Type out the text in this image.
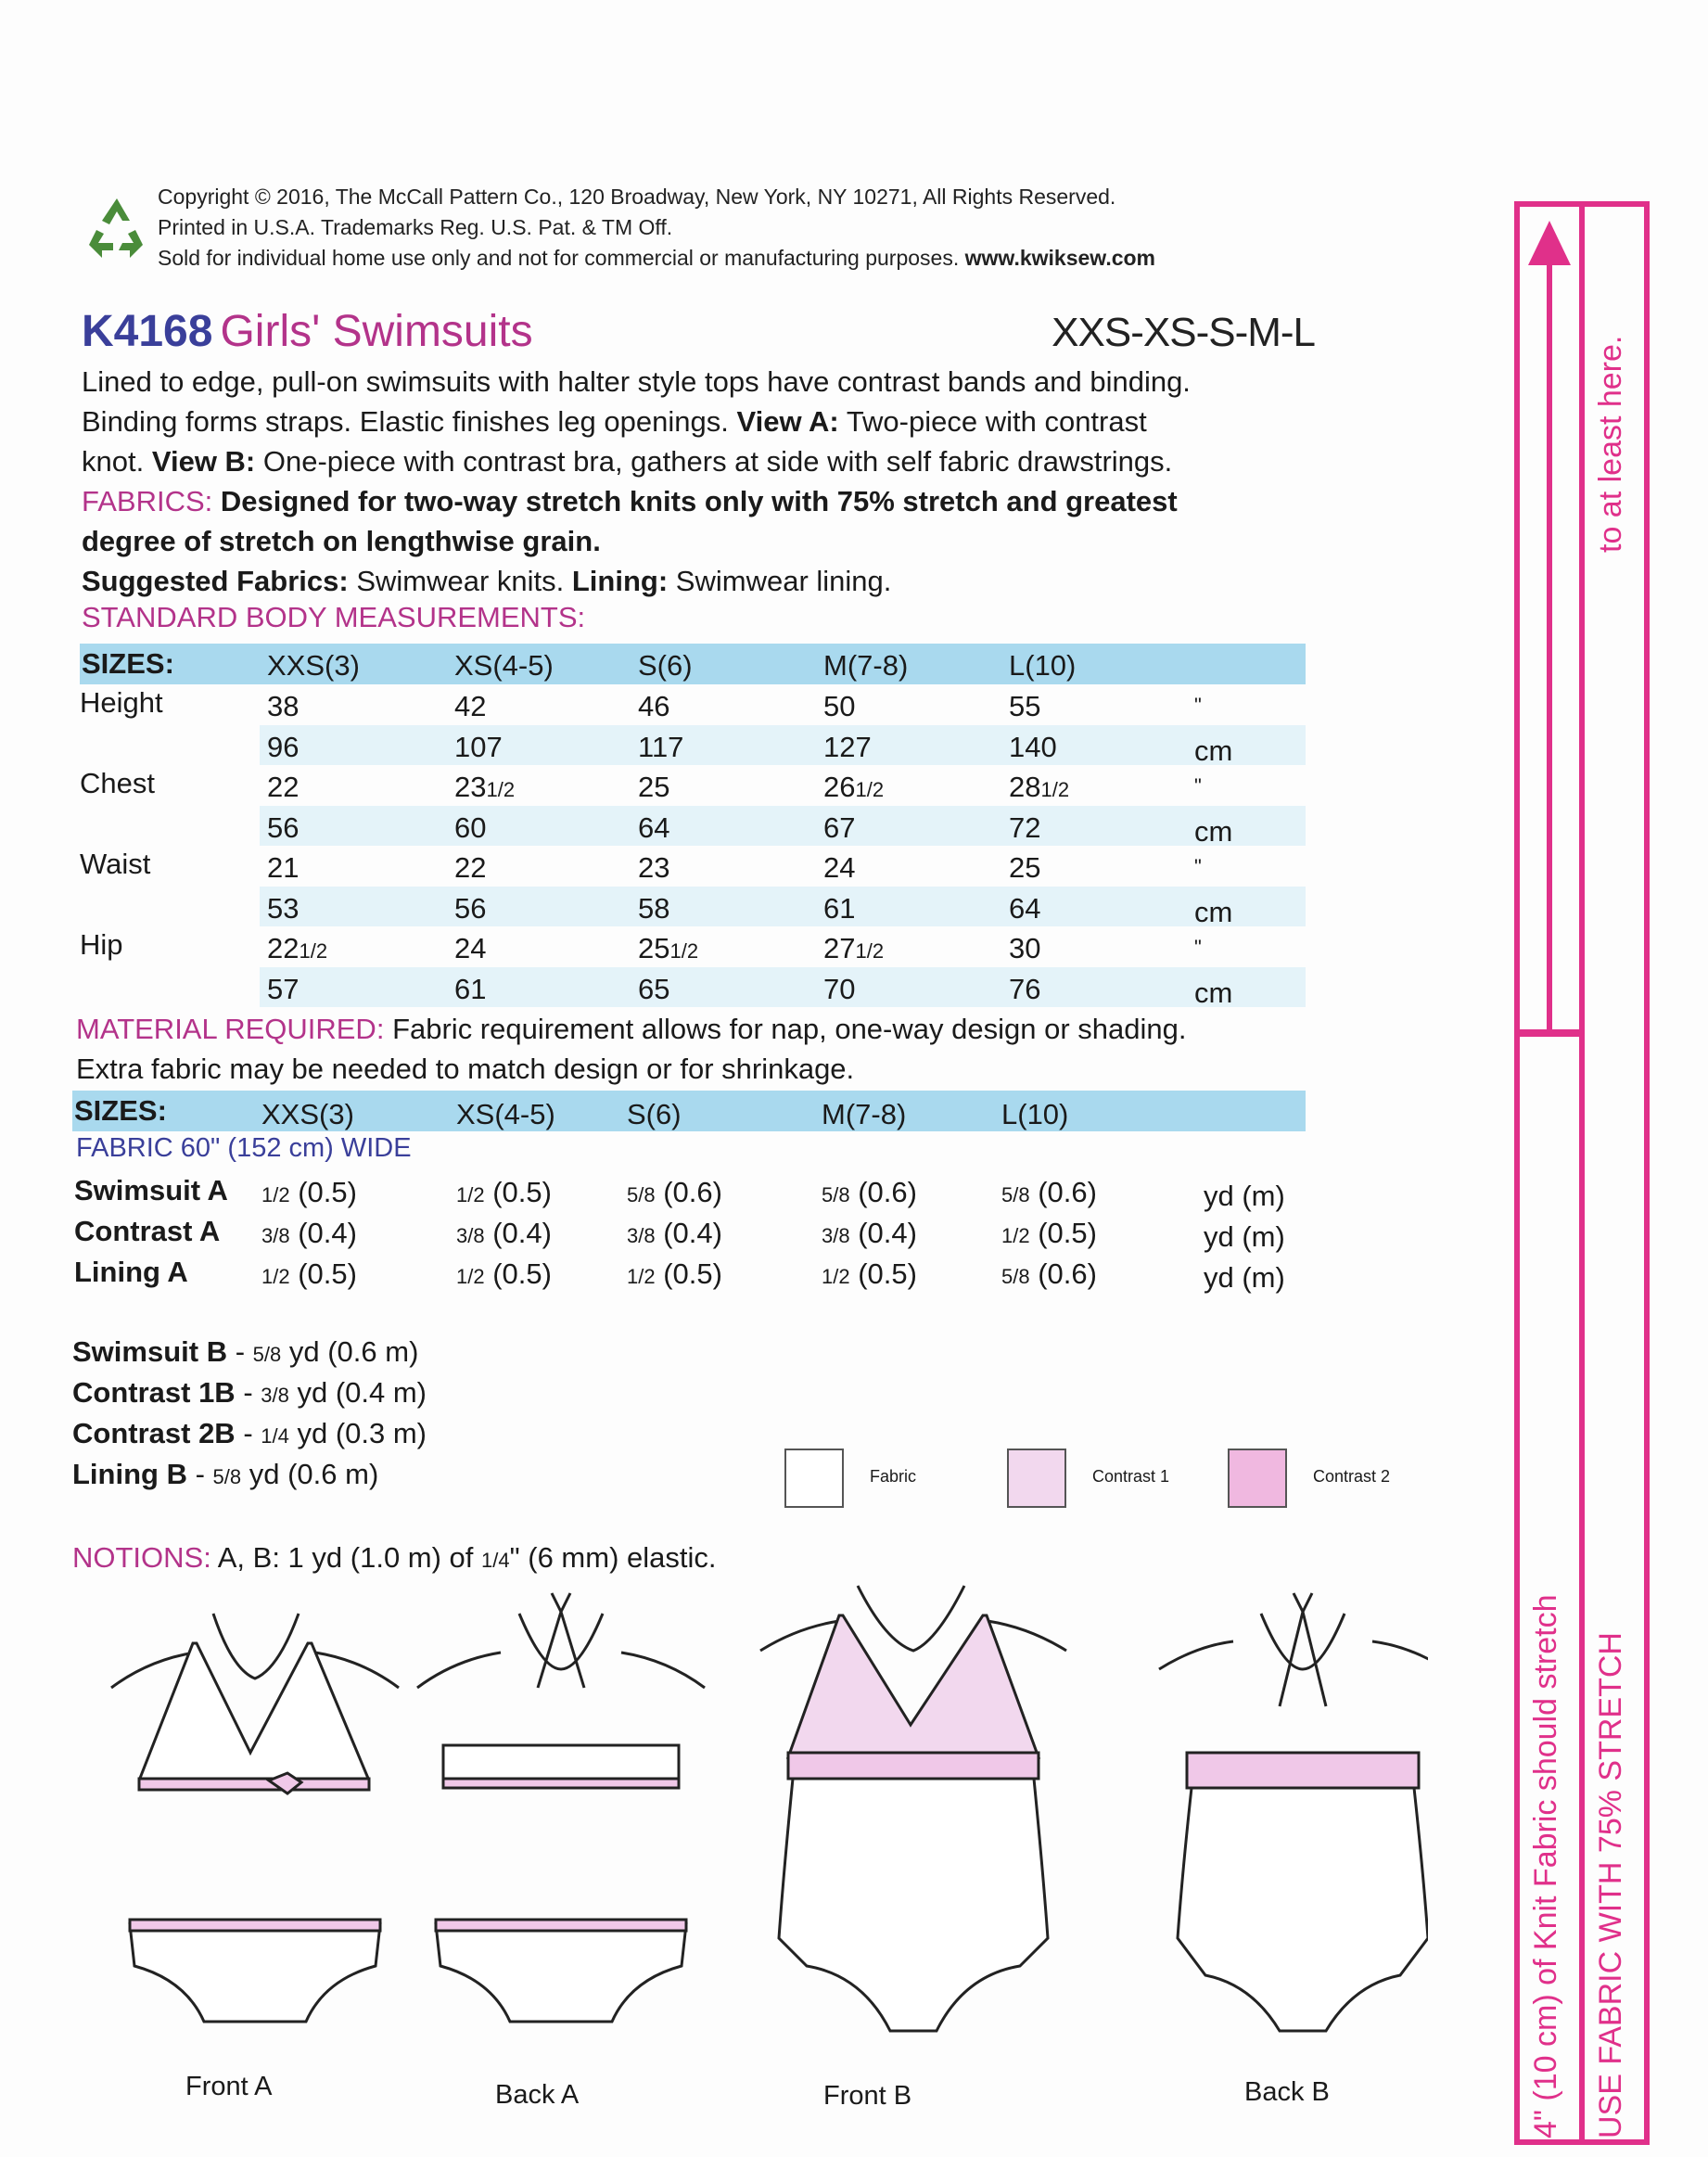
Copyright © 2016, The McCall Pattern Co., 120 Broadway, New York, NY 10271, All Rights Reserved.
Printed in U.S.A. Trademarks Reg. U.S. Pat. & TM Off.
Sold for individual home use only and not for commercial or manufacturing purposes. www.kwiksew.com
K4168 Girls' Swimsuits	XXS-XS-S-M-L
Lined to edge, pull-on swimsuits with halter style tops have contrast bands and binding.
Binding forms straps. Elastic finishes leg openings. View A: Two-piece with contrast
knot. View B: One-piece with contrast bra, gathers at side with self fabric drawstrings.
FABRICS: Designed for two-way stretch knits only with 75% stretch and greatest
degree of stretch on lengthwise grain.
Suggested Fabrics: Swimwear knits. Lining: Swimwear lining.
STANDARD BODY MEASUREMENTS:
SIZES:	XXS(3)	XS(4-5)	S(6)	M(7-8)	L(10)
Height	38	42	46	50	55	"
96	107	117	127	140	cm
Chest	22	231/2	25	261/2	281/2	"
56	60	64	67	72	cm
Waist	21	22	23	24	25	"
53	56	58	61	64	cm
Hip	221/2	24	251/2	271/2	30	"
57	61	65	70	76	cm
MATERIAL REQUIRED: Fabric requirement allows for nap, one-way design or shading.
Extra fabric may be needed to match design or for shrinkage.
SIZES:	XXS(3)	XS(4-5) S(6)	M(7-8)	L(10)
FABRIC 60" (152 cm) WIDE
Swimsuit A 1/2 (0.5)	1/2 (0.5)	5/8 (0.6)	5/8 (0.6)	5/8 (0.6)	yd (m)
Contrast A 3/8 (0.4)	3/8 (0.4)	3/8 (0.4)	3/8 (0.4)	1/2 (0.5)	yd (m)
Lining A	1/2 (0.5)	1/2 (0.5)	1/2 (0.5)	1/2 (0.5)	5/8 (0.6)	yd (m)
Swimsuit B - 5/8 yd (0.6 m)
Contrast 1B - 3/8 yd (0.4 m)
Contrast 2B - 1/4 yd (0.3 m)
Lining B - 5/8 yd (0.6 m)	Fabric	Contrast 1	Contrast 2
NOTIONS: A, B: 1 yd (1.0 m) of 1/4" (6 mm) elastic.
Front A	Back A	Front B	Back B
to at least here.
4" (10 cm) of Knit Fabric should stretch USE FABRIC WITH 75% STRETCH
